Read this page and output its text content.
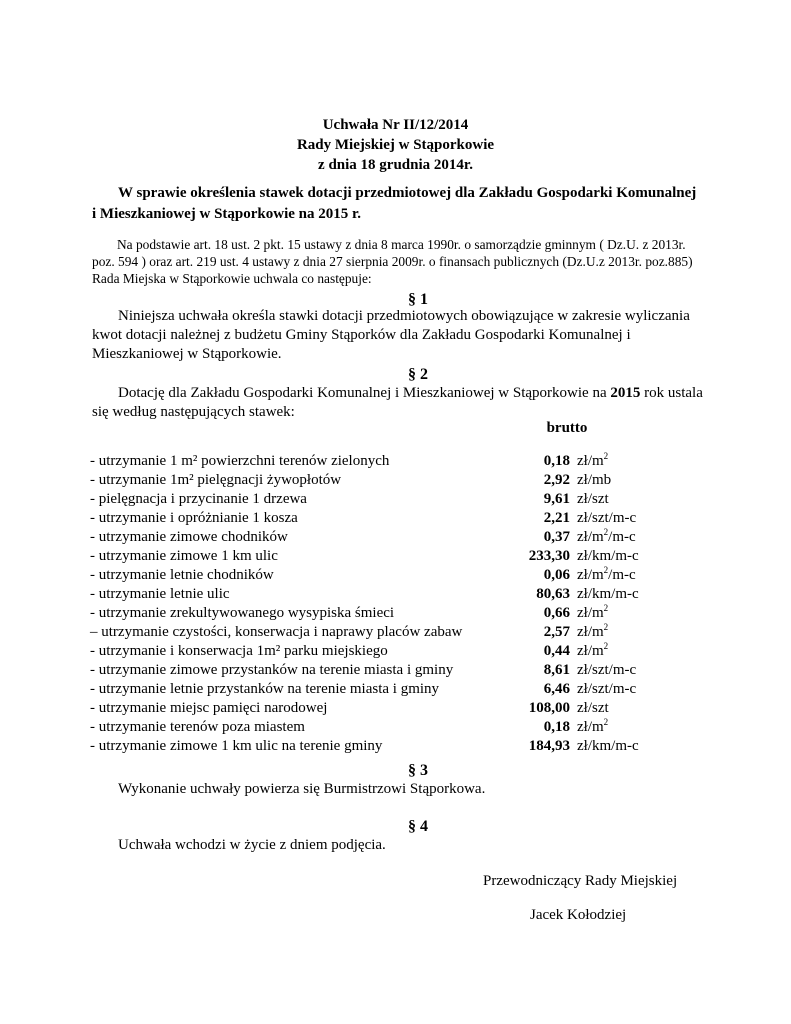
Uchwała Nr II/12/2014
Rady Miejskiej w Stąporkowie
z dnia 18 grudnia 2014r.
W sprawie określenia stawek dotacji przedmiotowej dla Zakładu Gospodarki Komunalnej
i Mieszkaniowej w Stąporkowie na 2015 r.
Na podstawie art. 18 ust. 2 pkt. 15 ustawy z dnia 8 marca 1990r. o samorządzie gminnym ( Dz.U. z 2013r.
poz. 594 ) oraz art. 219 ust. 4 ustawy z dnia 27 sierpnia 2009r. o finansach publicznych (Dz.U.z 2013r. poz.885)
Rada Miejska w Stąporkowie uchwala co następuje:
§ 1
Niniejsza uchwała określa stawki dotacji przedmiotowych obowiązujące w zakresie wyliczania
kwot dotacji należnej z budżetu Gminy Stąporków dla Zakładu Gospodarki Komunalnej i
Mieszkaniowej w Stąporkowie.
§ 2
Dotację dla Zakładu Gospodarki Komunalnej i Mieszkaniowej w Stąporkowie na 2015 rok ustala
się według następujących stawek:
brutto
- utrzymanie 1 m² powierzchni terenów zielonych	0,18 $zł/m^2$
- utrzymanie 1m² pielęgnacji żywopłotów	2,92 zł/mb
- pielęgnacja i przycinanie 1 drzewa	9,61 zł/szt
- utrzymanie i opróżnianie 1 kosza	2,21 zł/szt/m-c
- utrzymanie zimowe chodników	0,37 $zł/m^2/m-c$
- utrzymanie zimowe 1 km ulic	233,30 zł/km/m-c
- utrzymanie letnie chodników	0,06 $zł/m^2/m-c$
- utrzymanie letnie ulic	80,63 zł/km/m-c
- utrzymanie zrekultywowanego wysypiska śmieci	0,66 $zł/m^2$
– utrzymanie czystości, konserwacja i naprawy placów zabaw	2,57 $zł/m^2$
- utrzymanie i konserwacja 1m² parku miejskiego	0,44 $zł/m^2$
- utrzymanie zimowe przystanków na terenie miasta i gminy	8,61 zł/szt/m-c
- utrzymanie letnie przystanków na terenie miasta i gminy	6,46 zł/szt/m-c
- utrzymanie miejsc pamięci narodowej	108,00 zł/szt
- utrzymanie terenów poza miastem	0,18 $zł/m^2$
- utrzymanie zimowe 1 km ulic na terenie gminy	184,93 zł/km/m-c
§ 3
Wykonanie uchwały powierza się Burmistrzowi Stąporkowa.
§ 4
Uchwała wchodzi w życie z dniem podjęcia.
Przewodniczący Rady Miejskiej
Jacek Kołodziej
